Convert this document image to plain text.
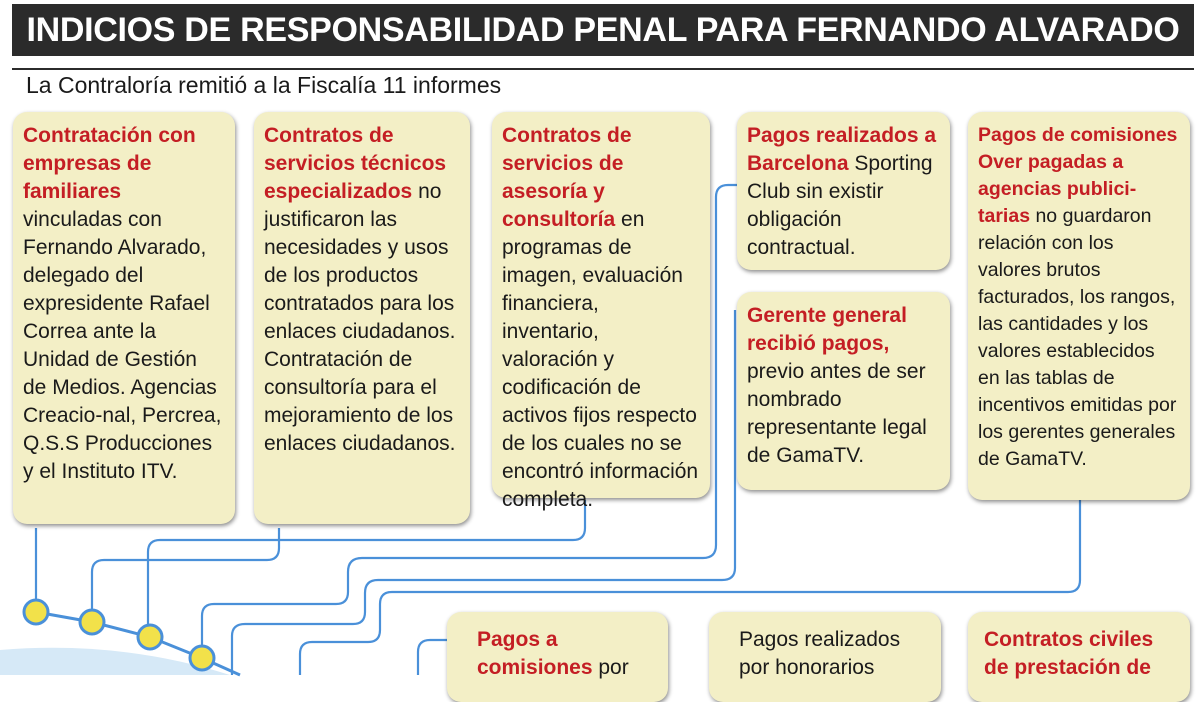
INDICIOS DE RESPONSABILIDAD PENAL PARA FERNANDO ALVARADO
La Contraloría remitió a la Fiscalía 11 informes
Contratación con empresas de familiares vinculadas con Fernando Alvarado, delegado del expresidente Rafael Correa ante la Unidad de Gestión de Medios. Agencias Creacio-nal, Percrea, Q.S.S Producciones y el Instituto ITV.
Contratos de servicios técnicos especializados no justificaron las necesidades y usos de los productos contratados para los enlaces ciudadanos. Contratación de consultoría para el mejoramiento de los enlaces ciudadanos.
Contratos de servicios de asesoría y consultoría en programas de imagen, evaluación financiera, inventario, valoración y codificación de activos fijos respecto de los cuales no se encontró información completa.
Pagos realizados a Barcelona Sporting Club sin existir obligación contractual.
Gerente general recibió pagos, previo antes de ser nombrado representante legal de GamaTV.
Pagos de comisiones Over pagadas a agencias publici-tarias no guardaron relación con los valores brutos facturados, los rangos, las cantidades y los valores establecidos en las tablas de incentivos emitidas por los gerentes generales de GamaTV.
Pagos a comisiones por
Pagos realizados por honorarios
Contratos civiles de prestación de
